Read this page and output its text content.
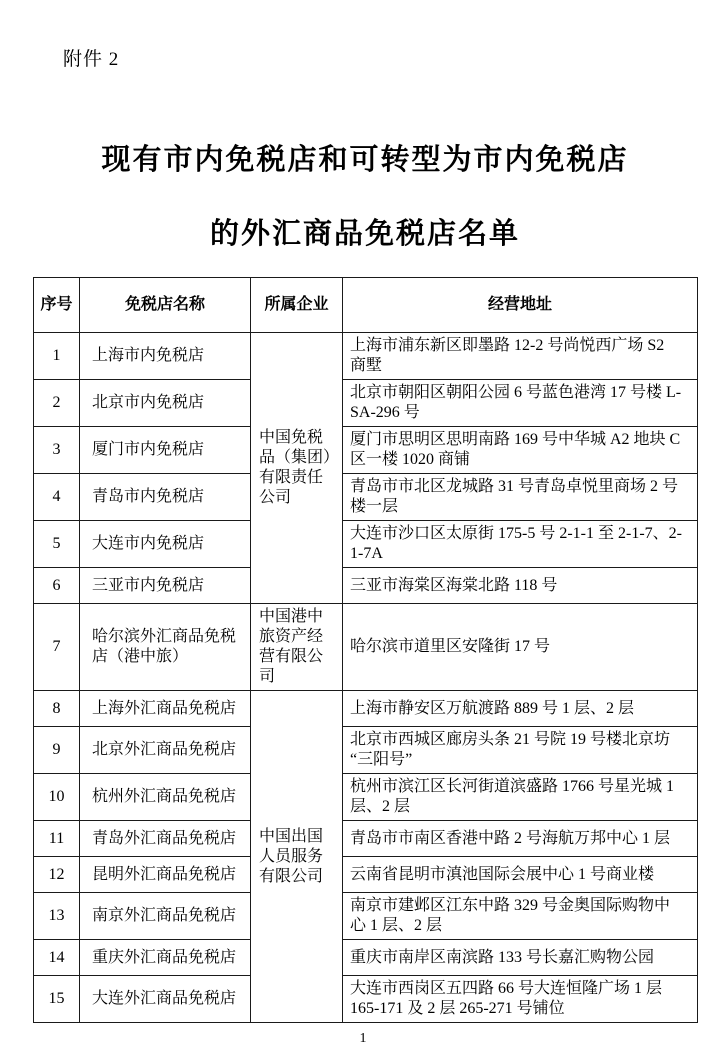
附件 2
现有市内免税店和可转型为市内免税店
的外汇商品免税店名单
序号	免税店名称	所属企业	经营地址
1	上海市内免税店	中国免税品（集团）有限责任公司	上海市浦东新区即墨路 12-2 号尚悦西广场 S2 商墅
2	北京市内免税店		北京市朝阳区朝阳公园 6 号蓝色港湾 17 号楼 L-SA-296 号
3	厦门市内免税店		厦门市思明区思明南路 169 号中华城 A2 地块 C 区一楼 1020 商铺
4	青岛市内免税店		青岛市市北区龙城路 31 号青岛卓悦里商场 2 号楼一层
5	大连市内免税店		大连市沙口区太原街 175-5 号 2-1-1 至 2-1-7、2-1-7A
6	三亚市内免税店		三亚市海棠区海棠北路 118 号
7	哈尔滨外汇商品免税店（港中旅）	中国港中旅资产经营有限公司	哈尔滨市道里区安隆街 17 号
8	上海外汇商品免税店	中国出国人员服务有限公司	上海市静安区万航渡路 889 号 1 层、2 层
9	北京外汇商品免税店		北京市西城区廊房头条 21 号院 19 号楼北京坊“三阳号”
10	杭州外汇商品免税店		杭州市滨江区长河街道滨盛路 1766 号星光城 1 层、2 层
11	青岛外汇商品免税店		青岛市市南区香港中路 2 号海航万邦中心 1 层
12	昆明外汇商品免税店		云南省昆明市滇池国际会展中心 1 号商业楼
13	南京外汇商品免税店		南京市建邺区江东中路 329 号金奥国际购物中心 1 层、2 层
14	重庆外汇商品免税店		重庆市南岸区南滨路 133 号长嘉汇购物公园
15	大连外汇商品免税店		大连市西岗区五四路 66 号大连恒隆广场 1 层 165-171 及 2 层 265-271 号铺位
1
